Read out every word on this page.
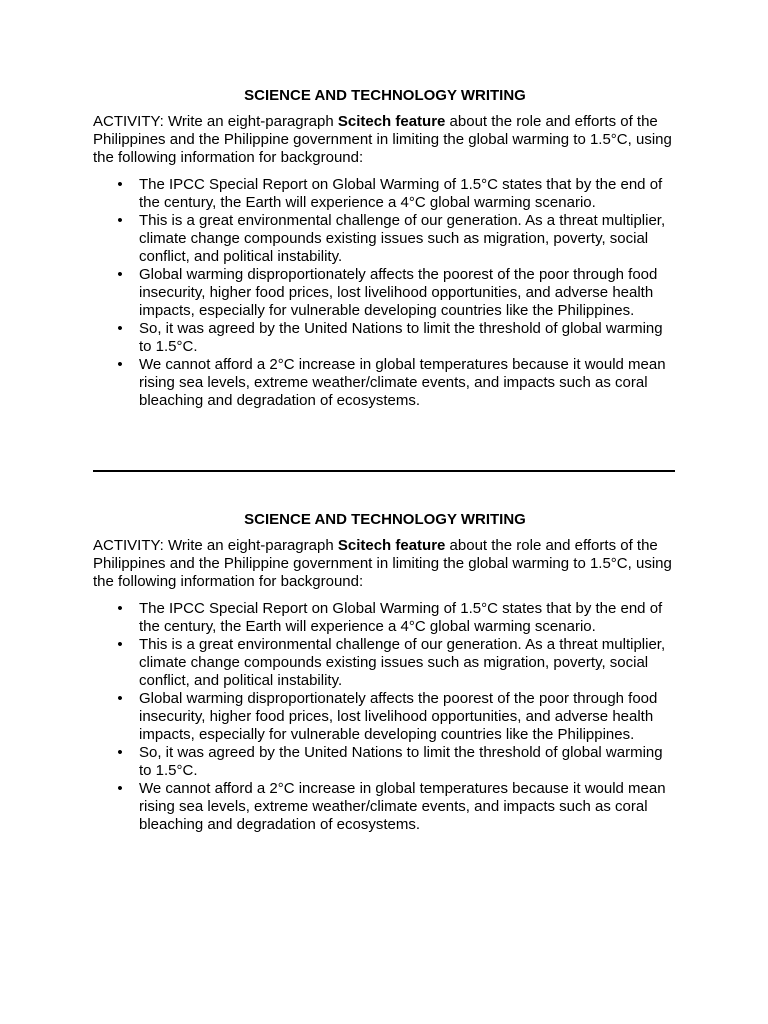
SCIENCE AND TECHNOLOGY WRITING

ACTIVITY: Write an eight-paragraph Scitech feature about the role and efforts of the Philippines and the Philippine government in limiting the global warming to 1.5°C, using the following information for background:

• The IPCC Special Report on Global Warming of 1.5°C states that by the end of the century, the Earth will experience a 4°C global warming scenario.
• This is a great environmental challenge of our generation. As a threat multiplier, climate change compounds existing issues such as migration, poverty, social conflict, and political instability.
• Global warming disproportionately affects the poorest of the poor through food insecurity, higher food prices, lost livelihood opportunities, and adverse health impacts, especially for vulnerable developing countries like the Philippines.
• So, it was agreed by the United Nations to limit the threshold of global warming to 1.5°C.
• We cannot afford a 2°C increase in global temperatures because it would mean rising sea levels, extreme weather/climate events, and impacts such as coral bleaching and degradation of ecosystems.
SCIENCE AND TECHNOLOGY WRITING

ACTIVITY: Write an eight-paragraph Scitech feature about the role and efforts of the Philippines and the Philippine government in limiting the global warming to 1.5°C, using the following information for background:

• The IPCC Special Report on Global Warming of 1.5°C states that by the end of the century, the Earth will experience a 4°C global warming scenario.
• This is a great environmental challenge of our generation. As a threat multiplier, climate change compounds existing issues such as migration, poverty, social conflict, and political instability.
• Global warming disproportionately affects the poorest of the poor through food insecurity, higher food prices, lost livelihood opportunities, and adverse health impacts, especially for vulnerable developing countries like the Philippines.
• So, it was agreed by the United Nations to limit the threshold of global warming to 1.5°C.
• We cannot afford a 2°C increase in global temperatures because it would mean rising sea levels, extreme weather/climate events, and impacts such as coral bleaching and degradation of ecosystems.
